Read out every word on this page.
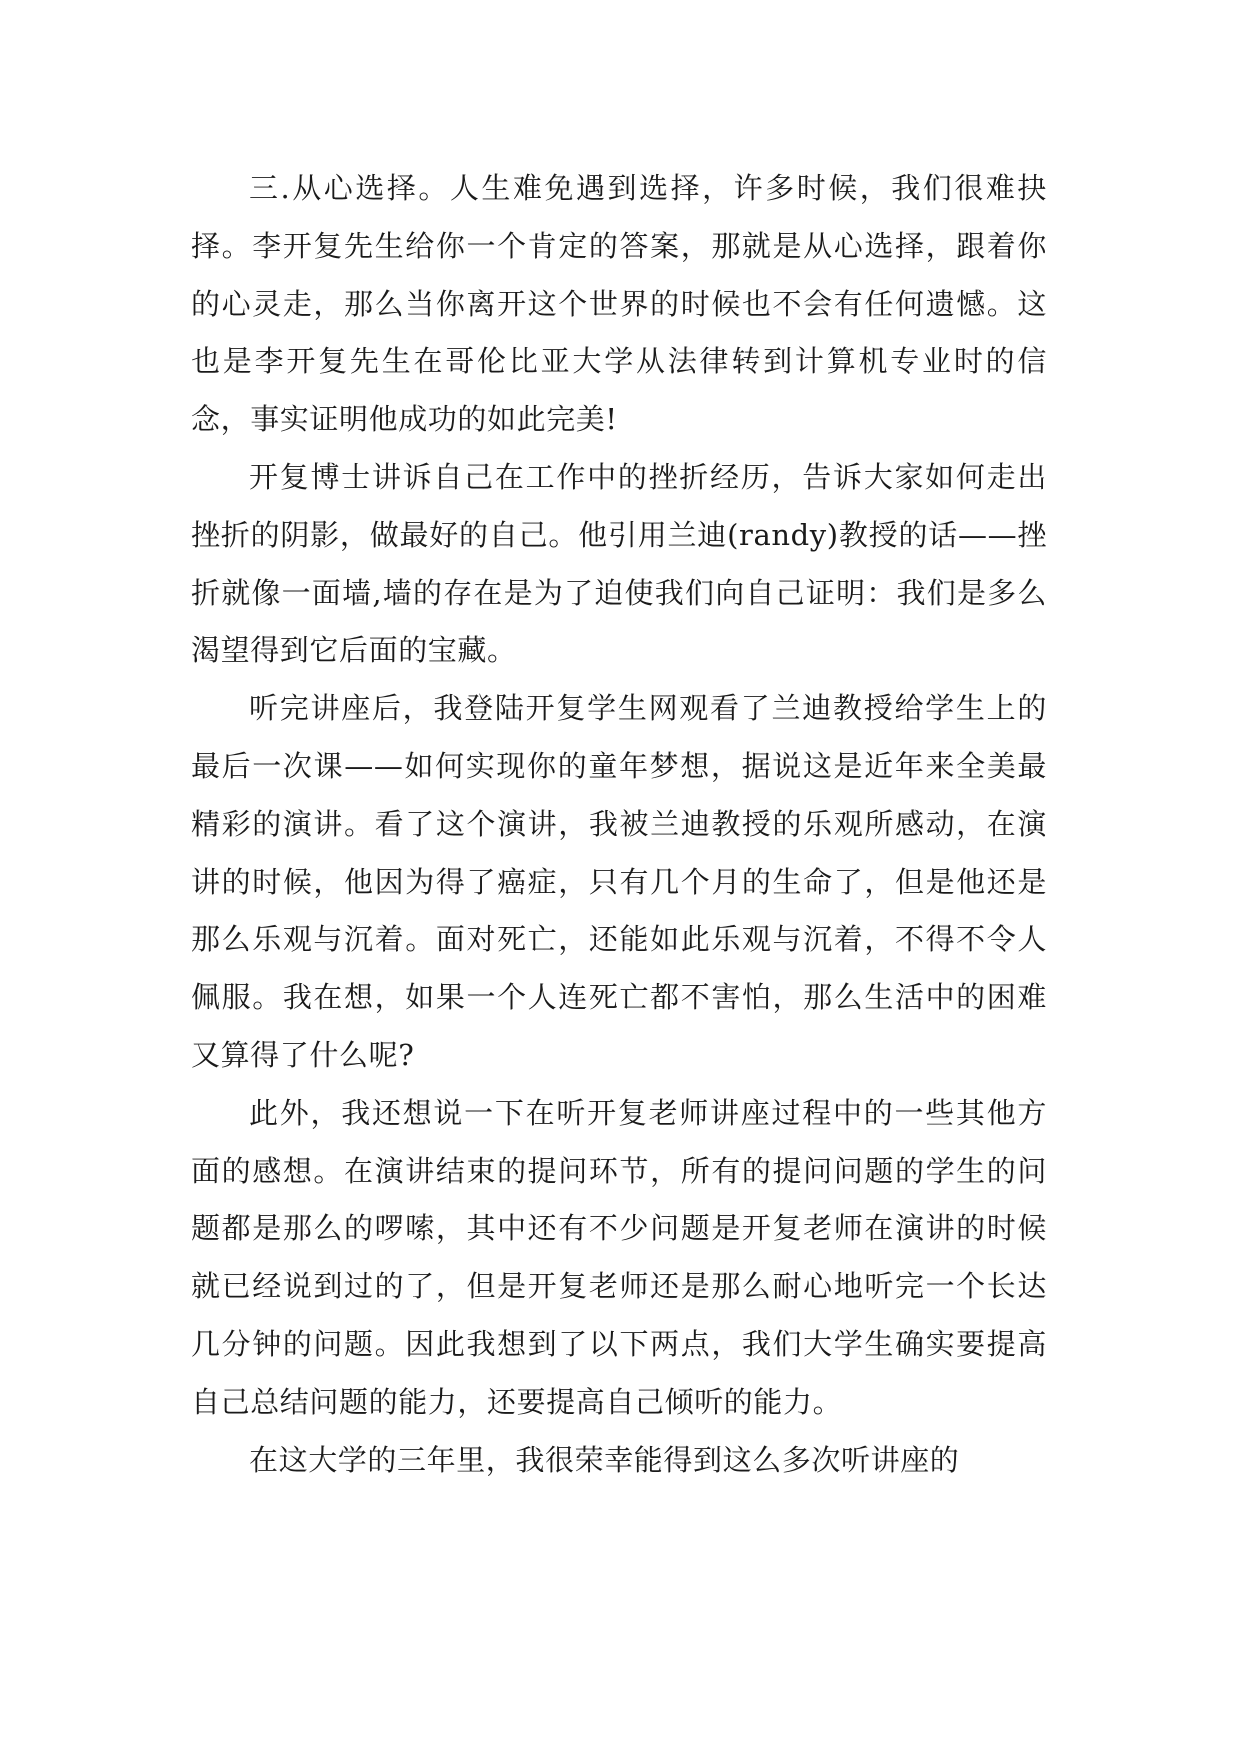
三.从心选择。人生难免遇到选择，许多时候，我们很难抉择。李开复先生给你一个肯定的答案，那就是从心选择，跟着你的心灵走，那么当你离开这个世界的时候也不会有任何遗憾。这也是李开复先生在哥伦比亚大学从法律转到计算机专业时的信念，事实证明他成功的如此完美!

开复博士讲诉自己在工作中的挫折经历，告诉大家如何走出挫折的阴影，做最好的自己。他引用兰迪(randy)教授的话——挫折就像一面墙,墙的存在是为了迫使我们向自己证明：我们是多么渴望得到它后面的宝藏。

听完讲座后，我登陆开复学生网观看了兰迪教授给学生上的最后一次课——如何实现你的童年梦想，据说这是近年来全美最精彩的演讲。看了这个演讲，我被兰迪教授的乐观所感动，在演讲的时候，他因为得了癌症，只有几个月的生命了，但是他还是那么乐观与沉着。面对死亡，还能如此乐观与沉着，不得不令人佩服。我在想，如果一个人连死亡都不害怕，那么生活中的困难又算得了什么呢?

此外，我还想说一下在听开复老师讲座过程中的一些其他方面的感想。在演讲结束的提问环节，所有的提问问题的学生的问题都是那么的啰嗦，其中还有不少问题是开复老师在演讲的时候就已经说到过的了，但是开复老师还是那么耐心地听完一个长达几分钟的问题。因此我想到了以下两点，我们大学生确实要提高自己总结问题的能力，还要提高自己倾听的能力。

在这大学的三年里，我很荣幸能得到这么多次听讲座的
